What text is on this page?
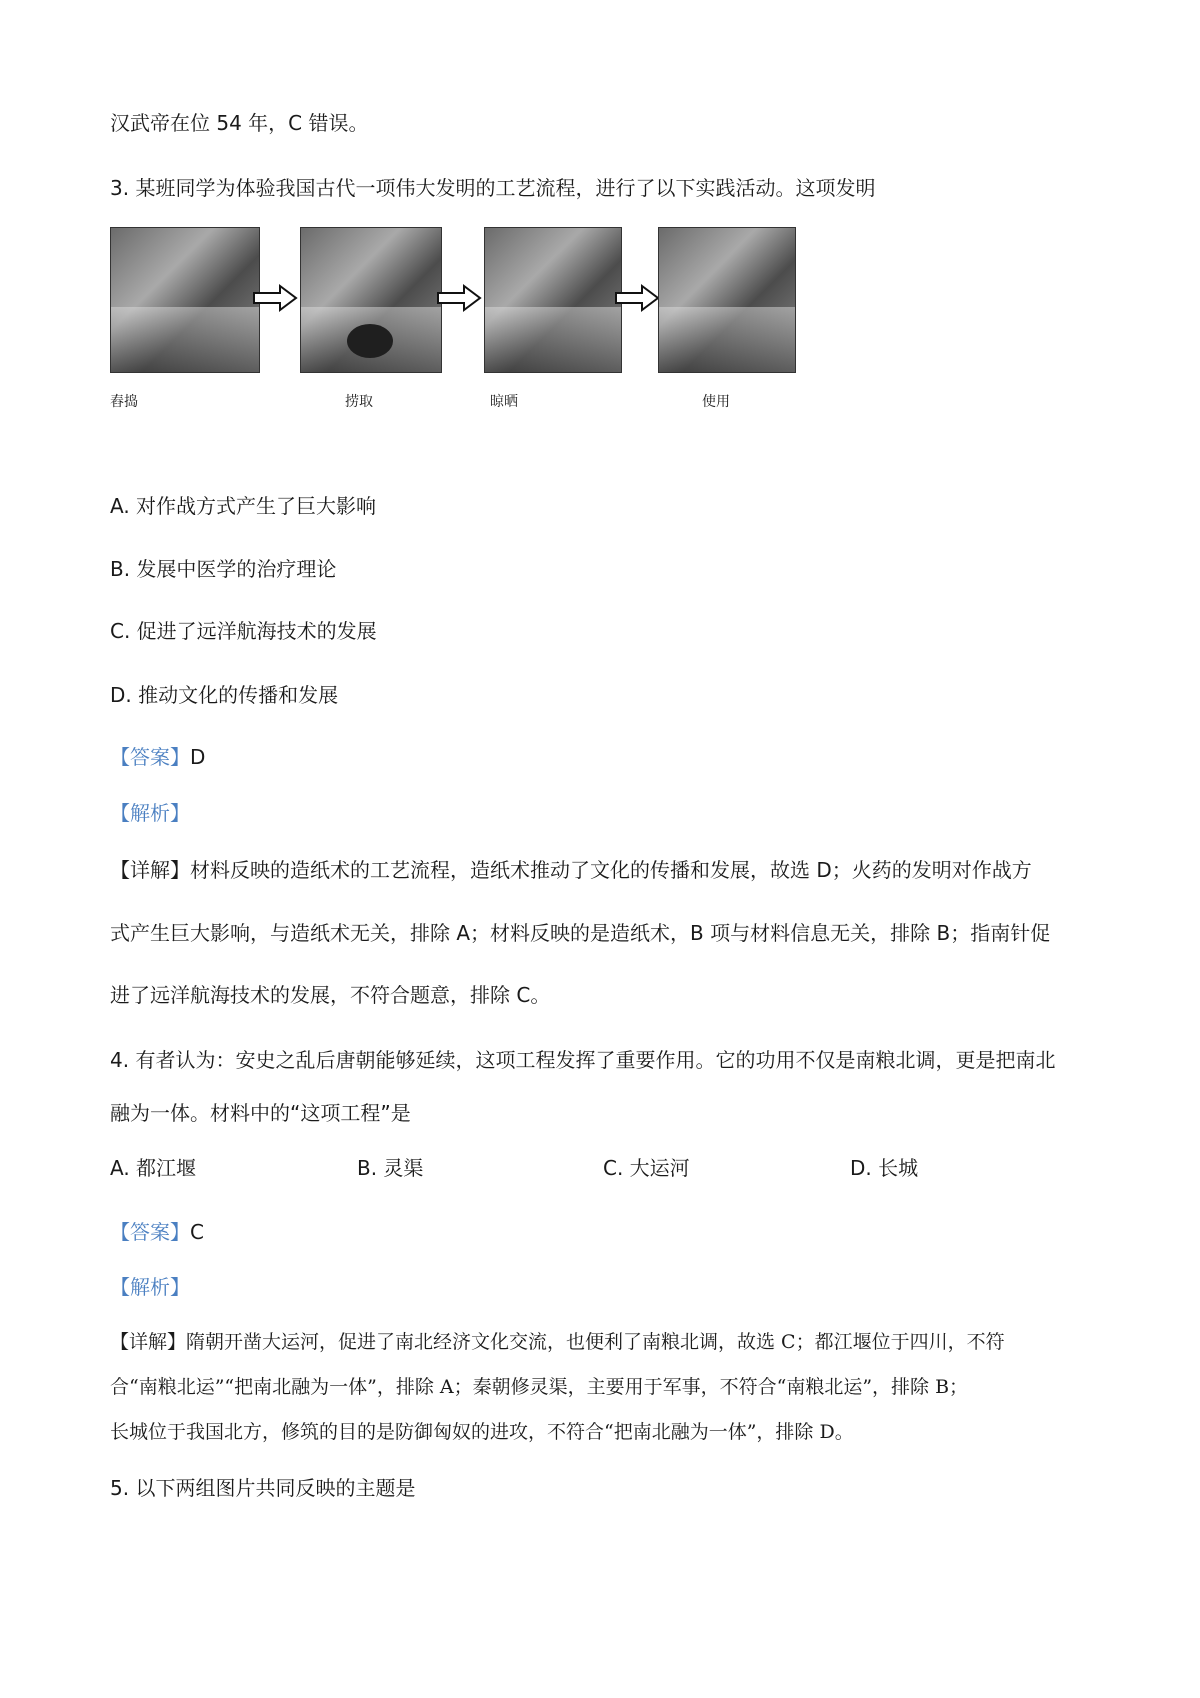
汉武帝在位 54 年，C 错误。
3. 某班同学为体验我国古代一项伟大发明的工艺流程，进行了以下实践活动。这项发明
舂捣	捞取	晾晒	使用
A. 对作战方式产生了巨大影响
B. 发展中医学的治疗理论
C. 促进了远洋航海技术的发展
D. 推动文化的传播和发展
【答案】D
【解析】
【详解】材料反映的造纸术的工艺流程，造纸术推动了文化的传播和发展，故选 D；火药的发明对作战方
式产生巨大影响，与造纸术无关，排除 A；材料反映的是造纸术，B 项与材料信息无关，排除 B；指南针促
进了远洋航海技术的发展，不符合题意，排除 C。
4. 有者认为：安史之乱后唐朝能够延续，这项工程发挥了重要作用。它的功用不仅是南粮北调，更是把南北
融为一体。材料中的“这项工程”是
A. 都江堰	B. 灵渠	C. 大运河	D. 长城
【答案】C
【解析】
【详解】隋朝开凿大运河，促进了南北经济文化交流，也便利了南粮北调，故选 C；都江堰位于四川，不符
合“南粮北运”“把南北融为一体”，排除 A；秦朝修灵渠，主要用于军事，不符合“南粮北运”，排除 B；
长城位于我国北方，修筑的目的是防御匈奴的进攻，不符合“把南北融为一体”，排除 D。
5. 以下两组图片共同反映的主题是
